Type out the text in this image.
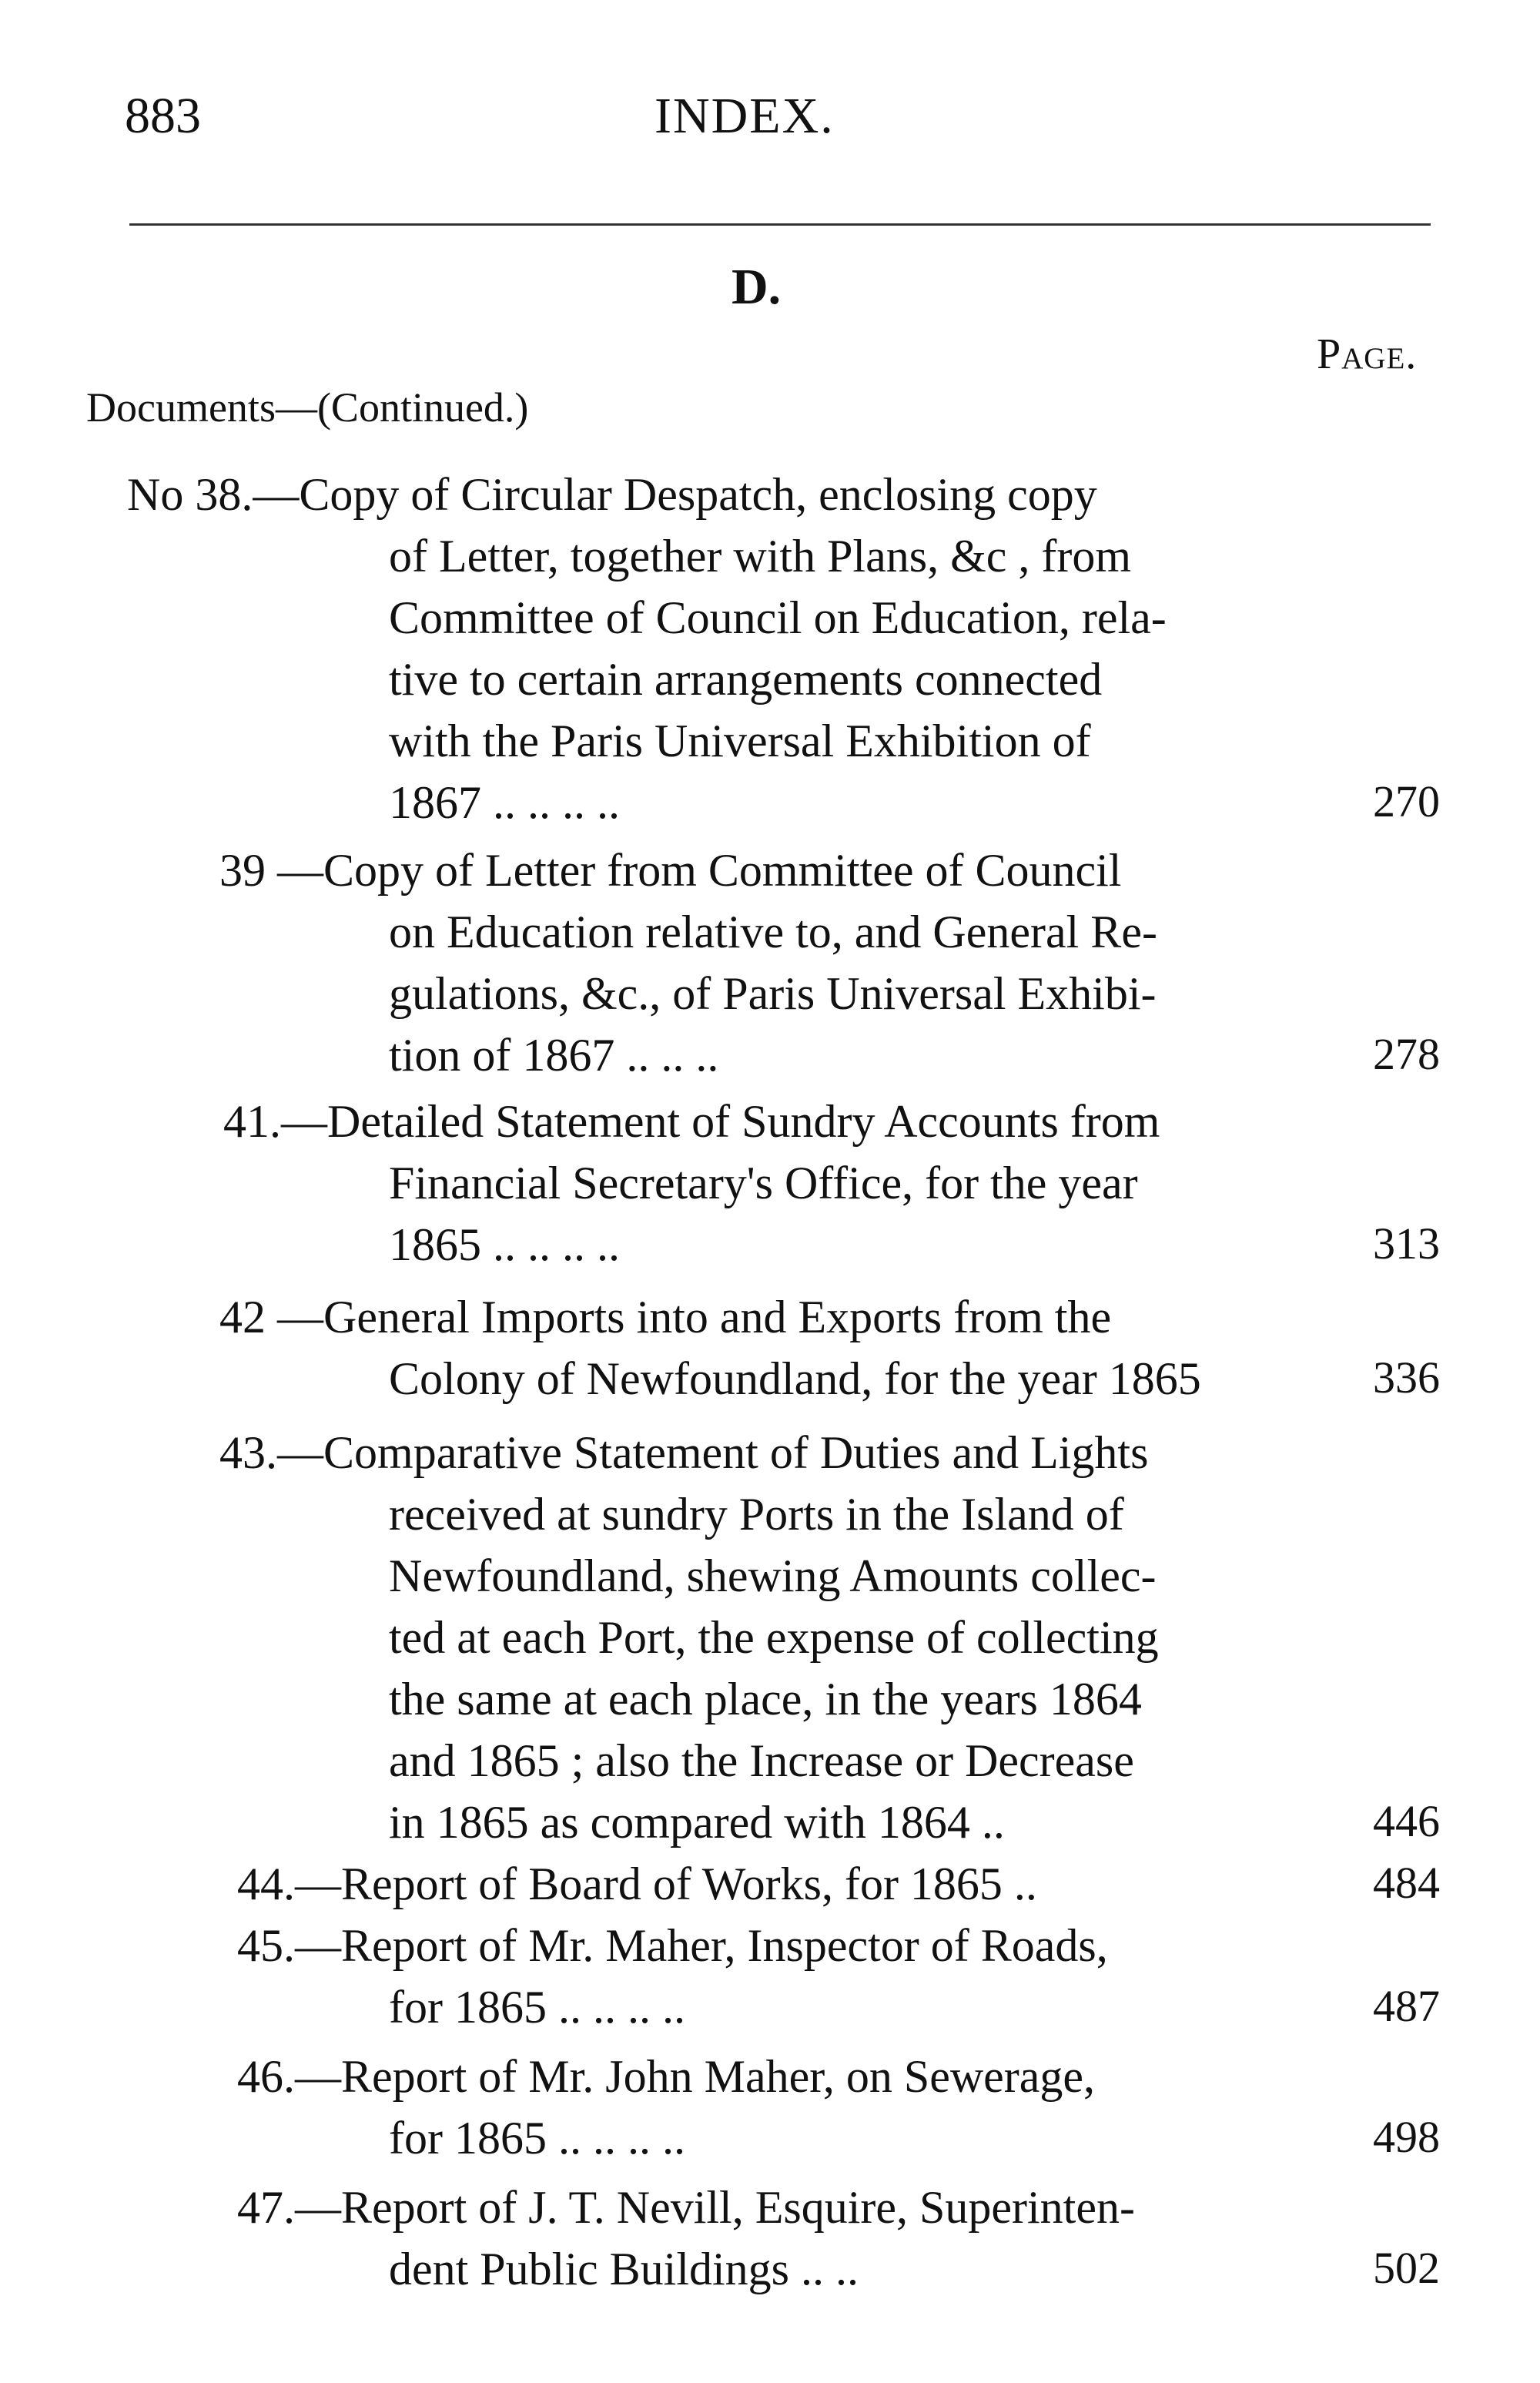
883	INDEX.
D.
Page.
Documents—(Continued.)
No 38.—Copy of Circular Despatch, enclosing copy
of Letter, together with Plans, &c , from
Committee of Council on Education, rela-
tive to certain arrangements connected
with the Paris Universal Exhibition of
1867 .. .. .. ..	270
39 —Copy of Letter from Committee of Council
on Education relative to, and General Re-
gulations, &c., of Paris Universal Exhibi-
tion of 1867 .. .. ..	278
41.—Detailed Statement of Sundry Accounts from
Financial Secretary's Office, for the year
1865 .. .. .. ..	313
42 —General Imports into and Exports from the
Colony of Newfoundland, for the year 1865	336
43.—Comparative Statement of Duties and Lights
received at sundry Ports in the Island of
Newfoundland, shewing Amounts collec-
ted at each Port, the expense of collecting
the same at each place, in the years 1864
and 1865 ; also the Increase or Decrease
in 1865 as compared with 1864 ..	446
44.—Report of Board of Works, for 1865 ..	484
45.—Report of Mr. Maher, Inspector of Roads,
for 1865 .. .. .. ..	487
46.—Report of Mr. John Maher, on Sewerage,
for 1865 .. .. .. ..	498
47.—Report of J. T. Nevill, Esquire, Superinten-
dent Public Buildings .. ..	502
